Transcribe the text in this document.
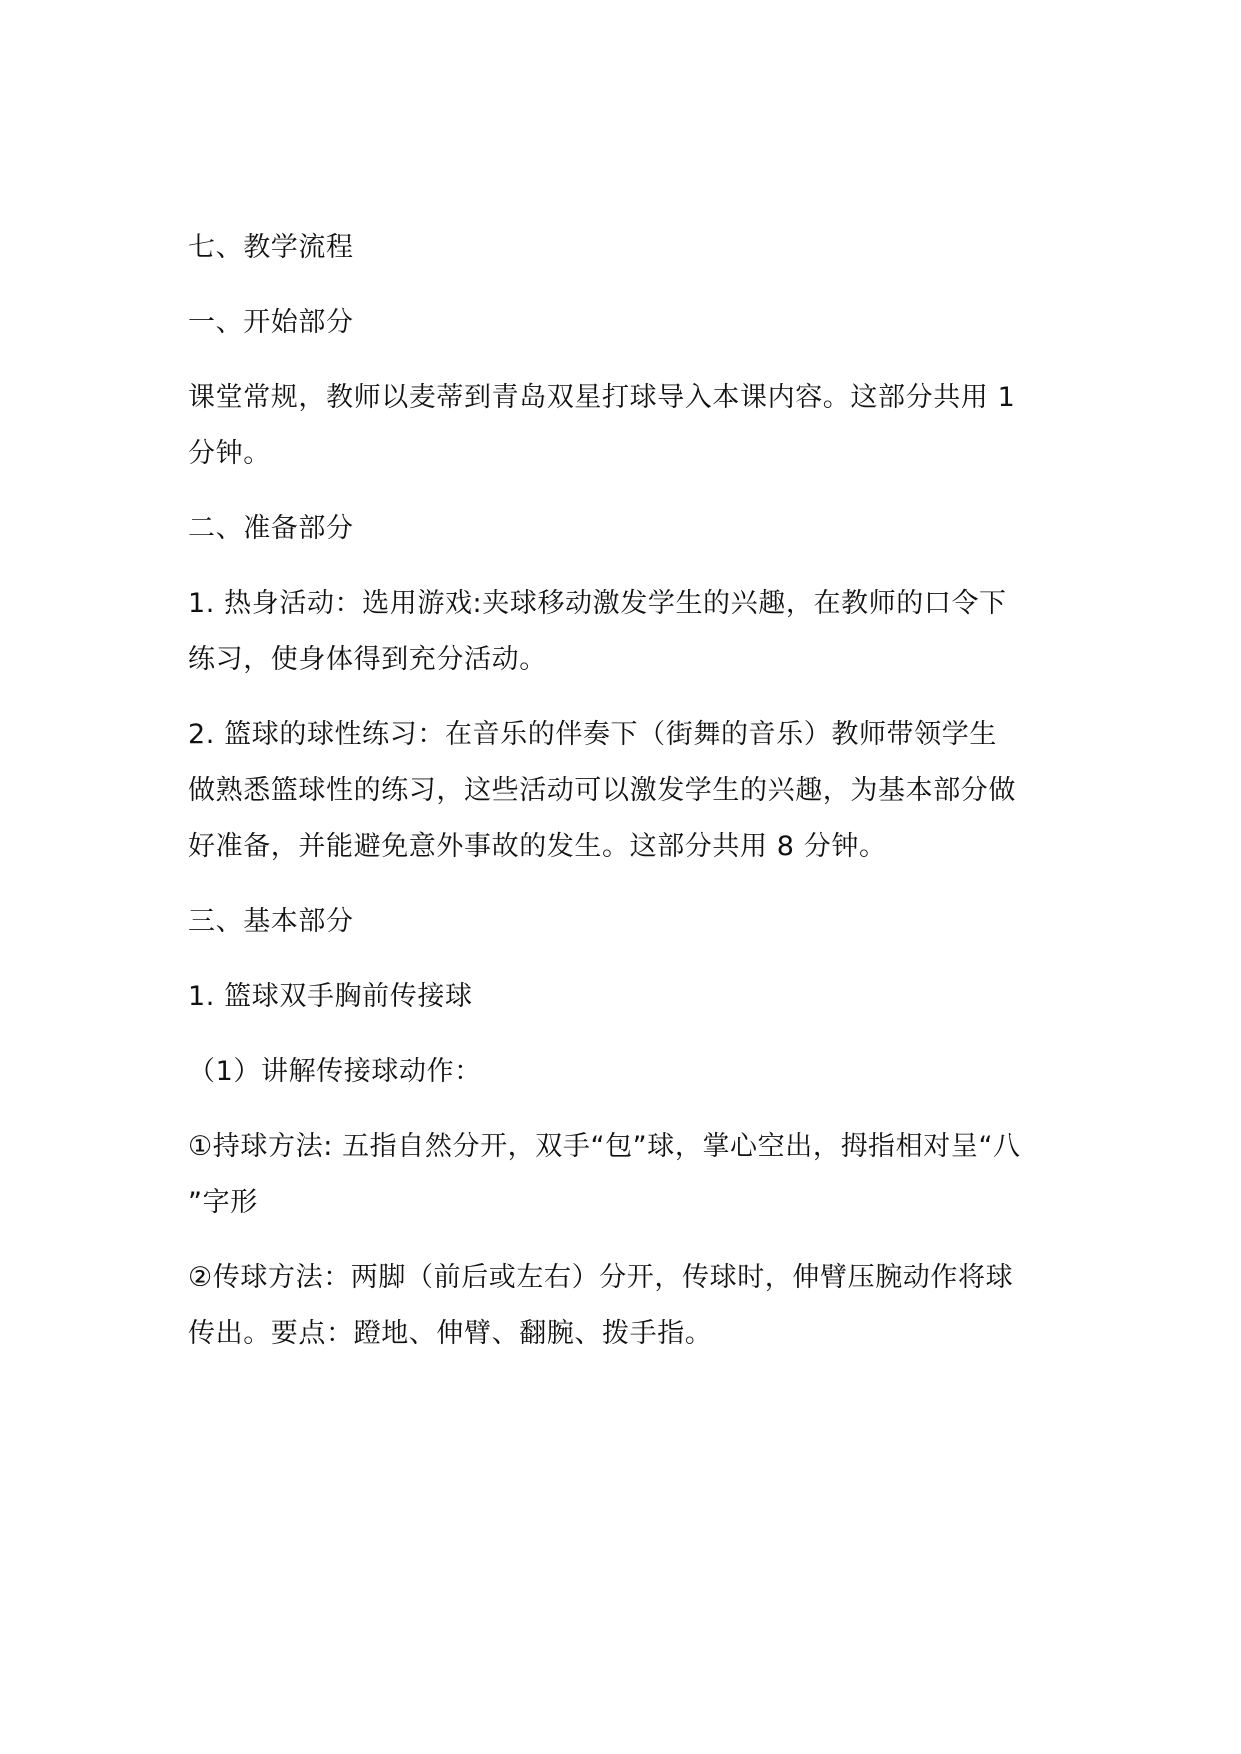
七、教学流程
一、开始部分
课堂常规，教师以麦蒂到青岛双星打球导入本课内容。这部分共用 1
分钟。
二、准备部分
1. 热身活动：选用游戏:夹球移动激发学生的兴趣，在教师的口令下
练习，使身体得到充分活动。
2. 篮球的球性练习：在音乐的伴奏下（街舞的音乐）教师带领学生
做熟悉篮球性的练习，这些活动可以激发学生的兴趣，为基本部分做
好准备，并能避免意外事故的发生。这部分共用 8 分钟。
三、基本部分
1. 篮球双手胸前传接球
（1）讲解传接球动作：
①持球方法: 五指自然分开，双手“包”球，掌心空出，拇指相对呈“八
”字形
②传球方法：两脚（前后或左右）分开，传球时，伸臂压腕动作将球
传出。要点：蹬地、伸臂、翻腕、拨手指。
